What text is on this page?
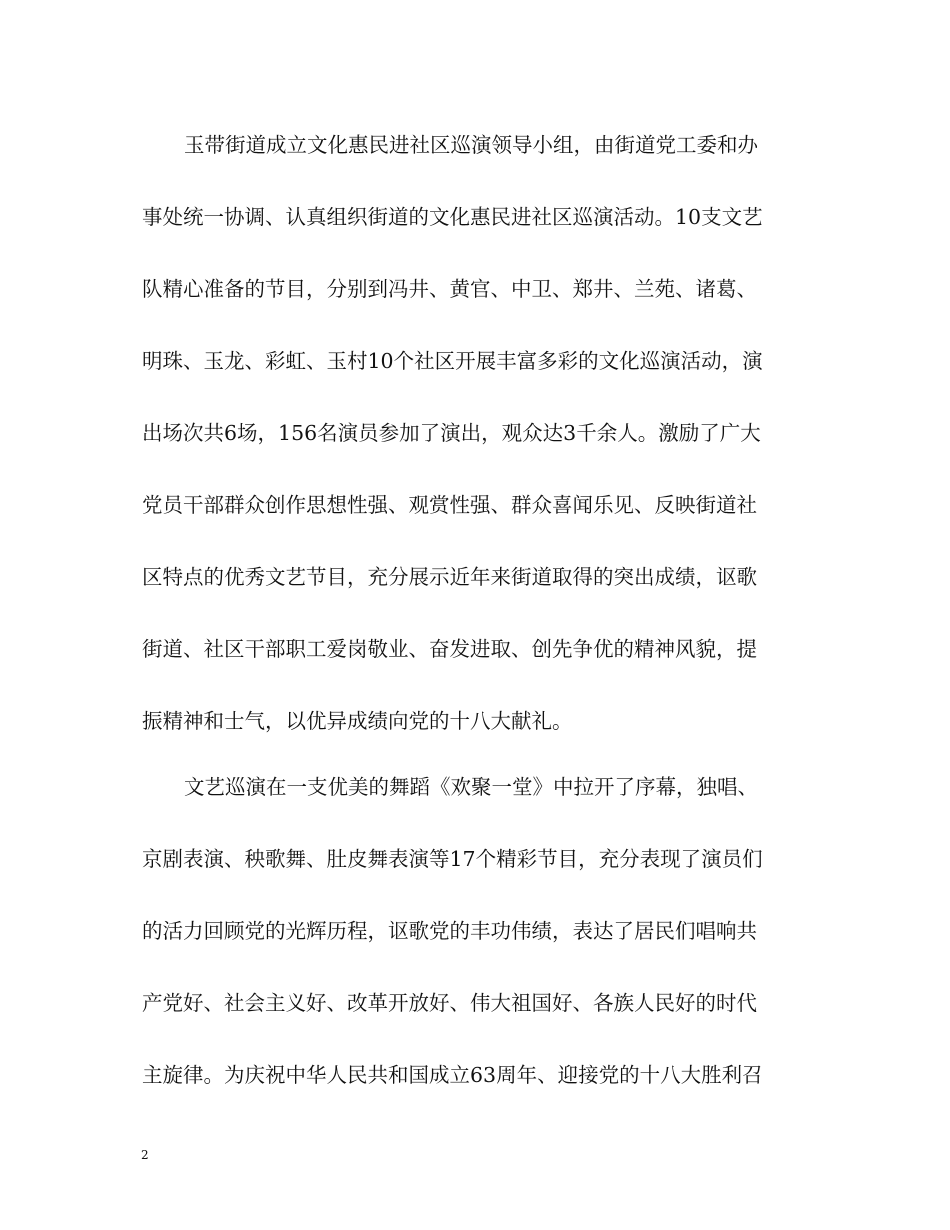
玉带街道成立文化惠民进社区巡演领导小组，由街道党工委和办
事处统一协调、认真组织街道的文化惠民进社区巡演活动。10支文艺
队精心准备的节目，分别到冯井、黄官、中卫、郑井、兰苑、诸葛、
明珠、玉龙、彩虹、玉村10个社区开展丰富多彩的文化巡演活动，演
出场次共6场，156名演员参加了演出，观众达3千余人。激励了广大
党员干部群众创作思想性强、观赏性强、群众喜闻乐见、反映街道社
区特点的优秀文艺节目，充分展示近年来街道取得的突出成绩，讴歌
街道、社区干部职工爱岗敬业、奋发进取、创先争优的精神风貌，提
振精神和士气，以优异成绩向党的十八大献礼。
文艺巡演在一支优美的舞蹈《欢聚一堂》中拉开了序幕，独唱、
京剧表演、秧歌舞、肚皮舞表演等17个精彩节目，充分表现了演员们
的活力回顾党的光辉历程，讴歌党的丰功伟绩，表达了居民们唱响共
产党好、社会主义好、改革开放好、伟大祖国好、各族人民好的时代
主旋律。为庆祝中华人民共和国成立63周年、迎接党的十八大胜利召
2
